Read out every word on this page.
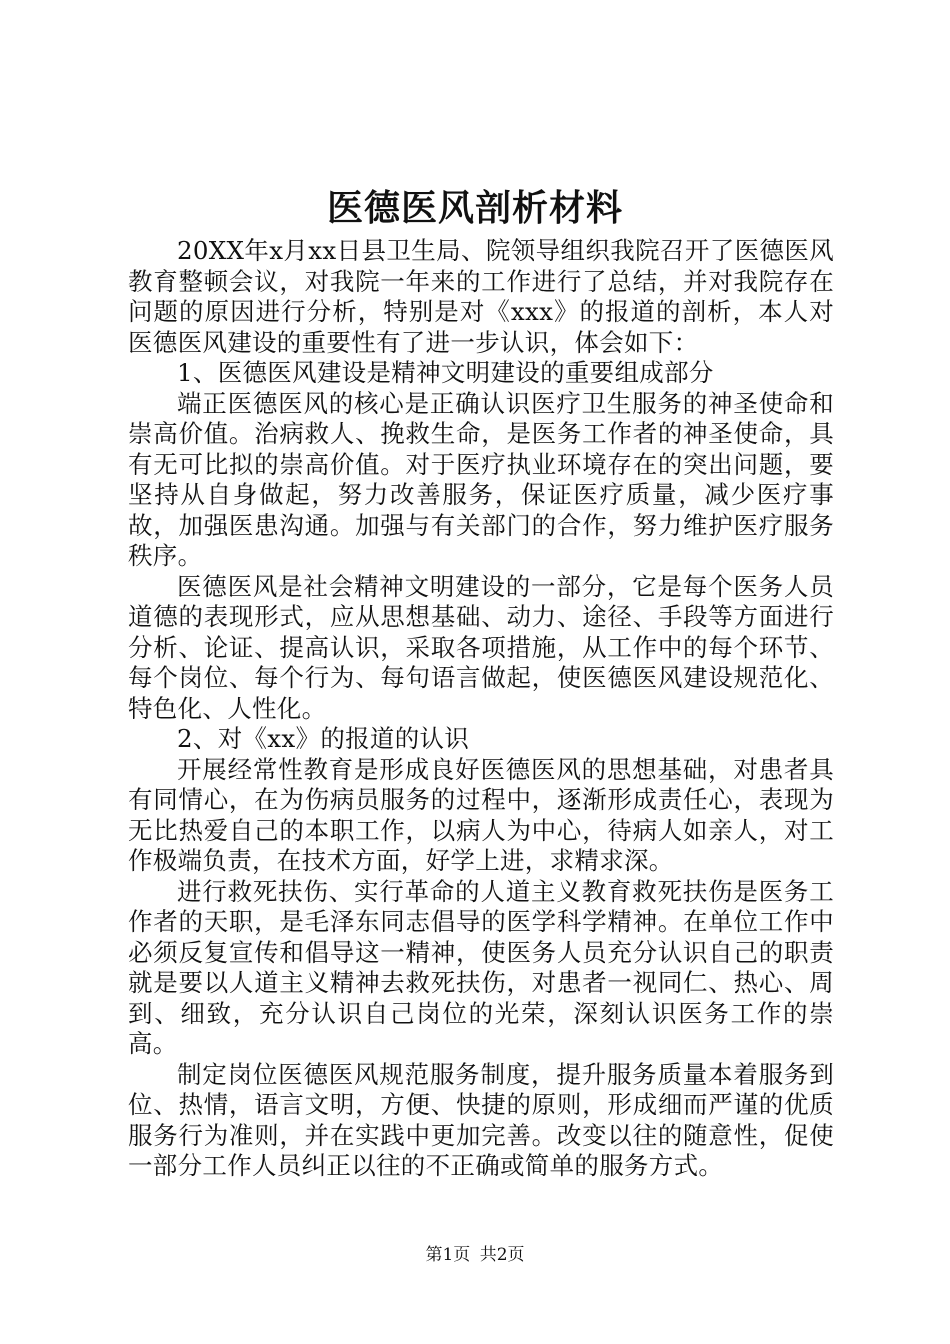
医德医风剖析材料

20XX年x月xx日县卫生局、院领导组织我院召开了医德医风教育整顿会议，对我院一年来的工作进行了总结，并对我院存在问题的原因进行分析，特别是对《xxx》的报道的剖析，本人对医德医风建设的重要性有了进一步认识，体会如下：

1、医德医风建设是精神文明建设的重要组成部分

端正医德医风的核心是正确认识医疗卫生服务的神圣使命和崇高价值。治病救人、挽救生命，是医务工作者的神圣使命，具有无可比拟的崇高价值。对于医疗执业环境存在的突出问题，要坚持从自身做起，努力改善服务，保证医疗质量，减少医疗事故，加强医患沟通。加强与有关部门的合作，努力维护医疗服务秩序。

医德医风是社会精神文明建设的一部分，它是每个医务人员道德的表现形式，应从思想基础、动力、途径、手段等方面进行分析、论证、提高认识，采取各项措施，从工作中的每个环节、每个岗位、每个行为、每句语言做起，使医德医风建设规范化、特色化、人性化。

2、对《xx》的报道的认识

开展经常性教育是形成良好医德医风的思想基础，对患者具有同情心，在为伤病员服务的过程中，逐渐形成责任心，表现为无比热爱自己的本职工作，以病人为中心，待病人如亲人，对工作极端负责，在技术方面，好学上进，求精求深。

进行救死扶伤、实行革命的人道主义教育救死扶伤是医务工作者的天职，是毛泽东同志倡导的医学科学精神。在单位工作中必须反复宣传和倡导这一精神，使医务人员充分认识自己的职责就是要以人道主义精神去救死扶伤，对患者一视同仁、热心、周到、细致，充分认识自己岗位的光荣，深刻认识医务工作的崇高。

制定岗位医德医风规范服务制度，提升服务质量本着服务到位、热情，语言文明，方便、快捷的原则，形成细而严谨的优质服务行为准则，并在实践中更加完善。改变以往的随意性，促使一部分工作人员纠正以往的不正确或简单的服务方式。

第1页 共2页
